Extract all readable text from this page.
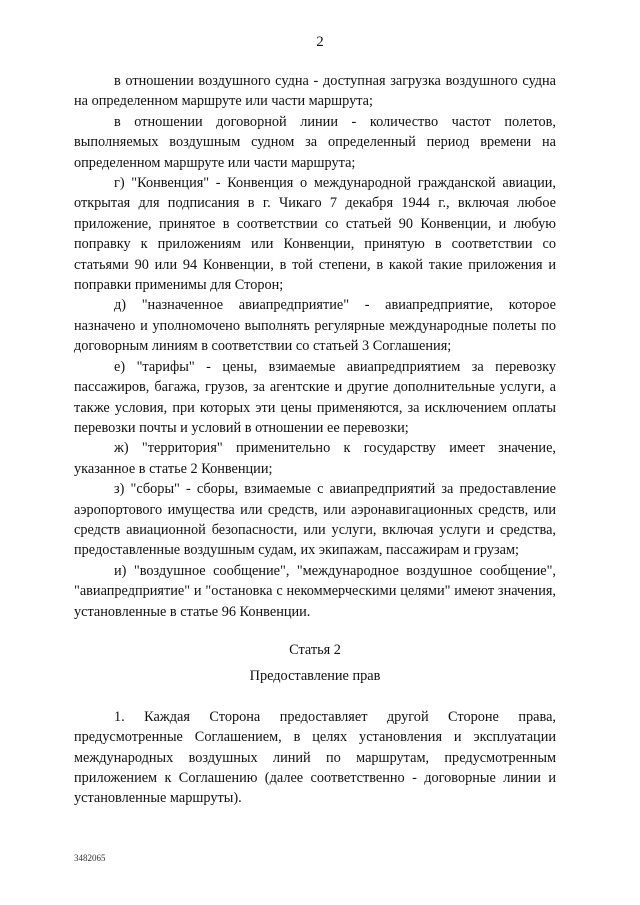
2

в отношении воздушного судна - доступная загрузка воздушного судна на определенном маршруте или части маршрута;

в отношении договорной линии - количество частот полетов, выполняемых воздушным судном за определенный период времени на определенном маршруте или части маршрута;

г) "Конвенция" - Конвенция о международной гражданской авиации, открытая для подписания в г. Чикаго 7 декабря 1944 г., включая любое приложение, принятое в соответствии со статьей 90 Конвенции, и любую поправку к приложениям или Конвенции, принятую в соответствии со статьями 90 или 94 Конвенции, в той степени, в какой такие приложения и поправки применимы для Сторон;

д) "назначенное авиапредприятие" - авиапредприятие, которое назначено и уполномочено выполнять регулярные международные полеты по договорным линиям в соответствии со статьей 3 Соглашения;

е) "тарифы" - цены, взимаемые авиапредприятием за перевозку пассажиров, багажа, грузов, за агентские и другие дополнительные услуги, а также условия, при которых эти цены применяются, за исключением оплаты перевозки почты и условий в отношении ее перевозки;

ж) "территория" применительно к государству имеет значение, указанное в статье 2 Конвенции;

з) "сборы" - сборы, взимаемые с авиапредприятий за предоставление аэропортового имущества или средств, или аэронавигационных средств, или средств авиационной безопасности, или услуги, включая услуги и средства, предоставленные воздушным судам, их экипажам, пассажирам и грузам;

и) "воздушное сообщение", "международное воздушное сообщение", "авиапредприятие" и "остановка с некоммерческими целями" имеют значения, установленные в статье 96 Конвенции.

Статья 2

Предоставление прав

1. Каждая Сторона предоставляет другой Стороне права, предусмотренные Соглашением, в целях установления и эксплуатации международных воздушных линий по маршрутам, предусмотренным приложением к Соглашению (далее соответственно - договорные линии и установленные маршруты).

3482065
